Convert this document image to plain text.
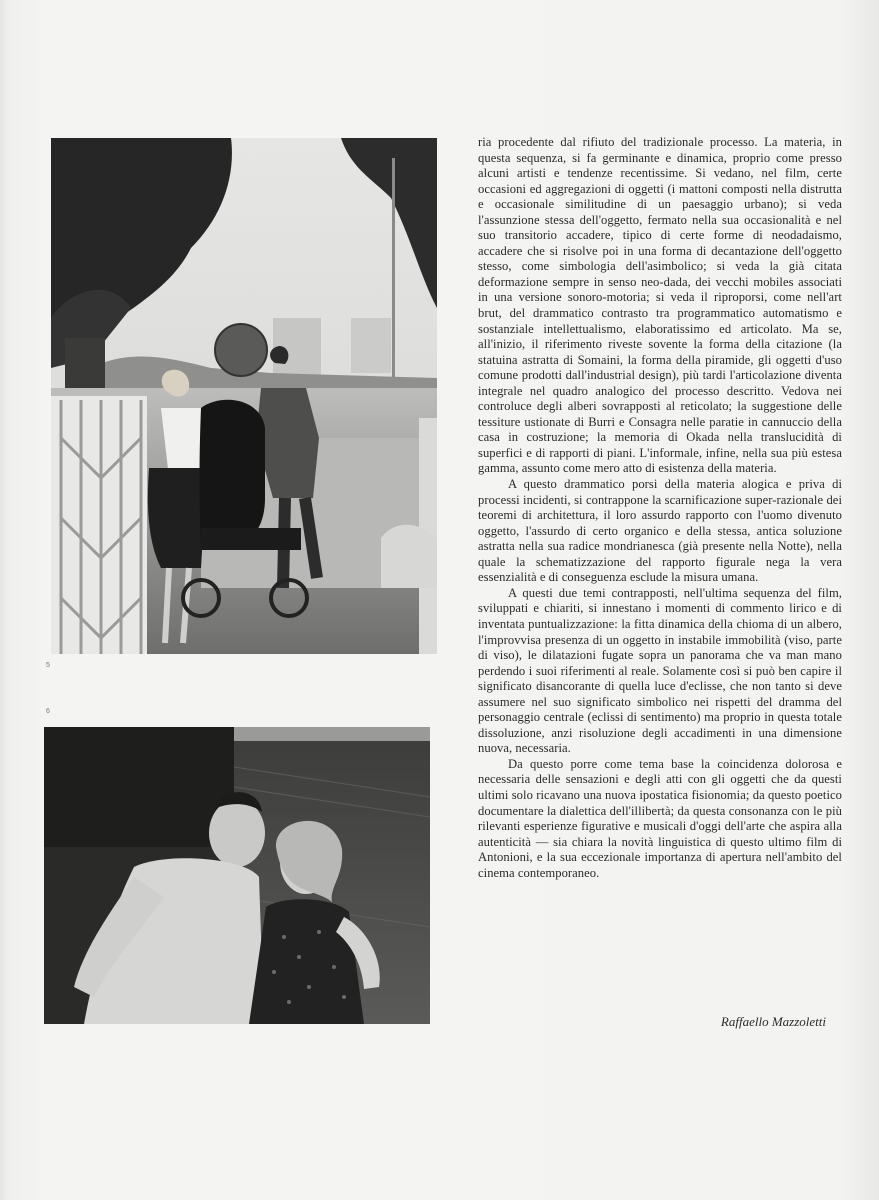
5
6

ria procedente dal rifiuto del tradizionale processo. La materia, in questa sequenza, si fa germinante e dinamica, proprio come presso alcuni artisti e tendenze recentissime. Si vedano, nel film, certe occasioni ed aggregazioni di oggetti (i mattoni composti nella distrutta e occasionale similitudine di un paesaggio urbano); si veda l'assunzione stessa dell'oggetto, fermato nella sua occasionalità e nel suo transitorio accadere, tipico di certe forme di neodadaismo, accadere che si risolve poi in una forma di decantazione dell'oggetto stesso, come simbologia dell'asimbolico; si veda la già citata deformazione sempre in senso neo-dada, dei vecchi mobiles associati in una versione sonoro-motoria; si veda il riproporsi, come nell'art brut, del drammatico contrasto tra programmatico automatismo e sostanziale intellettualismo, elaboratissimo ed articolato. Ma se, all'inizio, il riferimento riveste sovente la forma della citazione (la statuina astratta di Somaini, la forma della piramide, gli oggetti d'uso comune prodotti dall'industrial design), più tardi l'articolazione diventa integrale nel quadro analogico del processo descritto. Vedova nei controluce degli alberi sovrapposti al reticolato; la suggestione delle tessiture ustionate di Burri e Consagra nelle paratie in cannuccio della casa in costruzione; la memoria di Okada nella translucidità di superfici e di rapporti di piani. L'informale, infine, nella sua più estesa gamma, assunto come mero atto di esistenza della materia.

A questo drammatico porsi della materia alogica e priva di processi incidenti, si contrappone la scarnificazione super-razionale dei teoremi di architettura, il loro assurdo rapporto con l'uomo divenuto oggetto, l'assurdo di certo organico e della stessa, antica soluzione astratta nella sua radice mondrianesca (già presente nella Notte), nella quale la schematizzazione del rapporto figurale nega la vera essenzialità e di conseguenza esclude la misura umana.

A questi due temi contrapposti, nell'ultima sequenza del film, sviluppati e chiariti, si innestano i momenti di commento lirico e di inventata puntualizzazione: la fitta dinamica della chioma di un albero, l'improvvisa presenza di un oggetto in instabile immobilità (viso, parte di viso), le dilatazioni fugate sopra un panorama che va man mano perdendo i suoi riferimenti al reale. Solamente così si può ben capire il significato disancorante di quella luce d'eclisse, che non tanto si deve assumere nel suo significato simbolico nei rispetti del dramma del personaggio centrale (eclissi di sentimento) ma proprio in questa totale dissoluzione, anzi risoluzione degli accadimenti in una dimensione nuova, necessaria.

Da questo porre come tema base la coincidenza dolorosa e necessaria delle sensazioni e degli atti con gli oggetti che da questi ultimi solo ricavano una nuova ipostatica fisionomia; da questo poetico documentare la dialettica dell'illibertà; da questa consonanza con le più rilevanti esperienze figurative e musicali d'oggi dell'arte che aspira alla autenticità — sia chiara la novità linguistica di questo ultimo film di Antonioni, e la sua eccezionale importanza di apertura nell'ambito del cinema contemporaneo.

Raffaello Mazzoletti
